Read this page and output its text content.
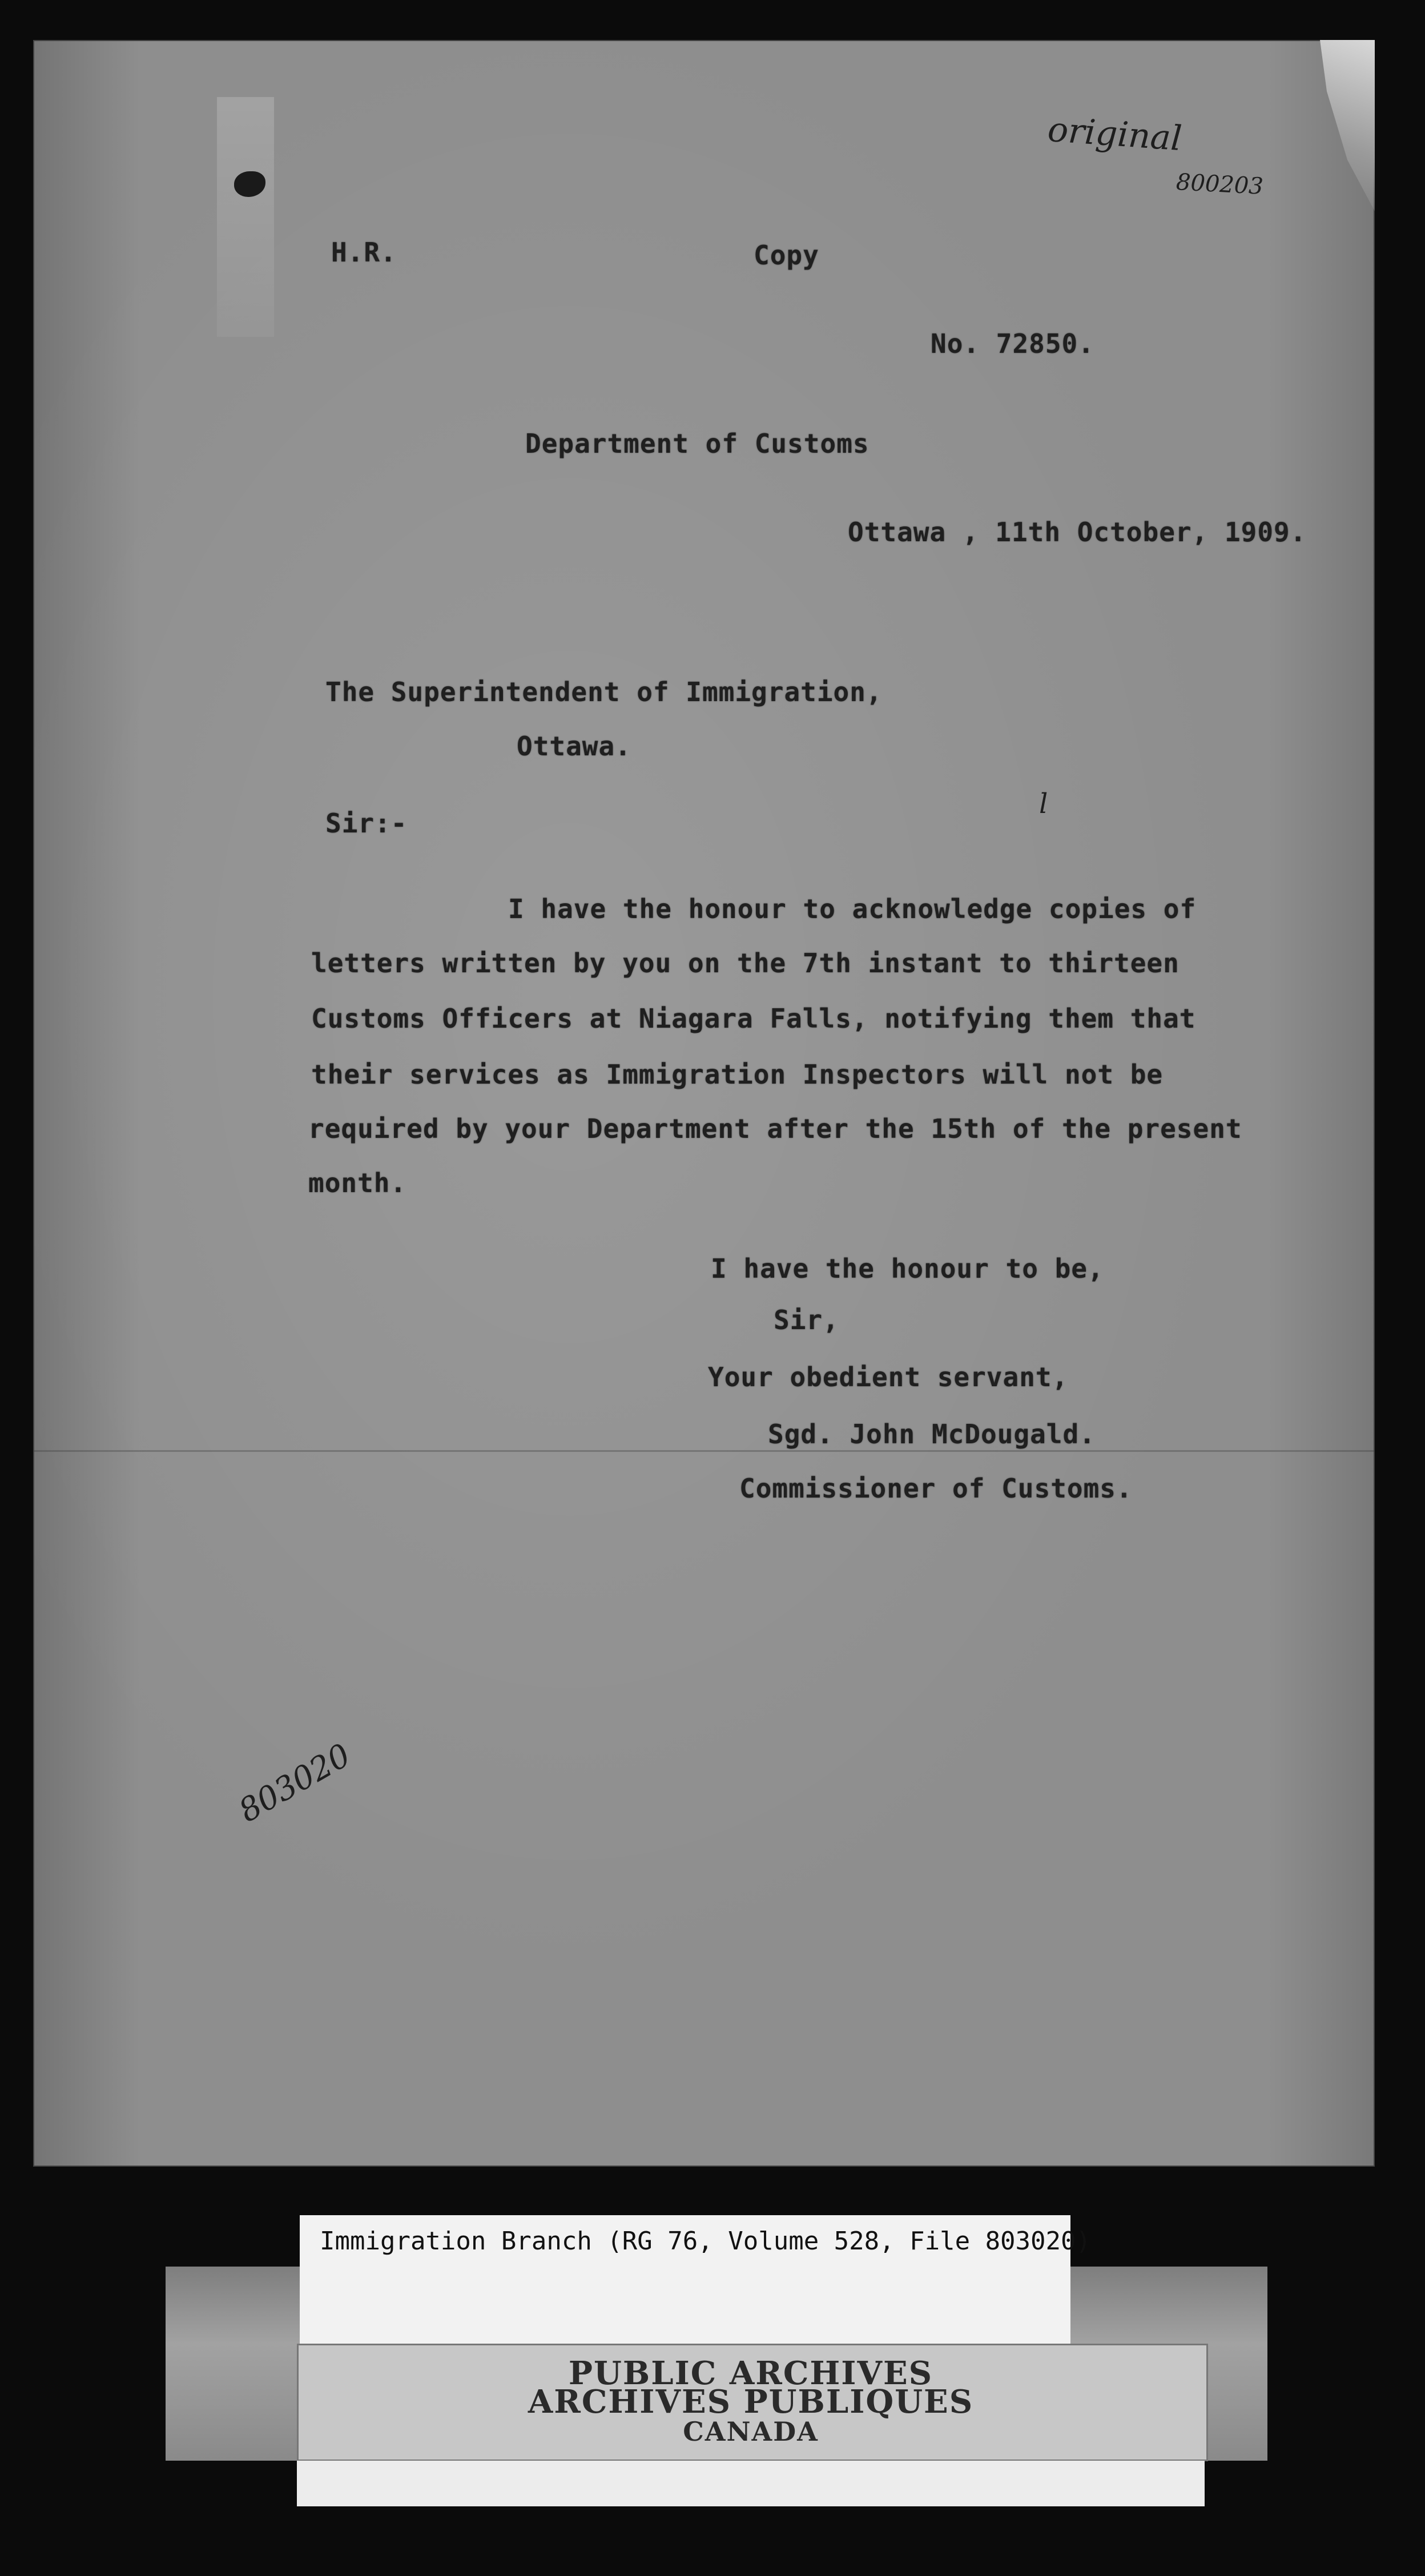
H.R.	Copy
No. 72850.
Department of Customs
Ottawa , 11th October, 1909.
The Superintendent of Immigration,
Ottawa.
Sir:-
I have the honour to acknowledge copies of
letters written by you on the 7th instant to thirteen
Customs Officers at Niagara Falls, notifying them that
their services as Immigration Inspectors will not be
required by your Department after the 15th of the present
month.
I have the honour to be,
Sir,
Your obedient servant,
Sgd. John McDougald.
Commissioner of Customs.
original
800203
l
803020
Immigration Branch (RG 76, Volume 528, File 803020)
PUBLIC ARCHIVES
ARCHIVES PUBLIQUES
CANADA
